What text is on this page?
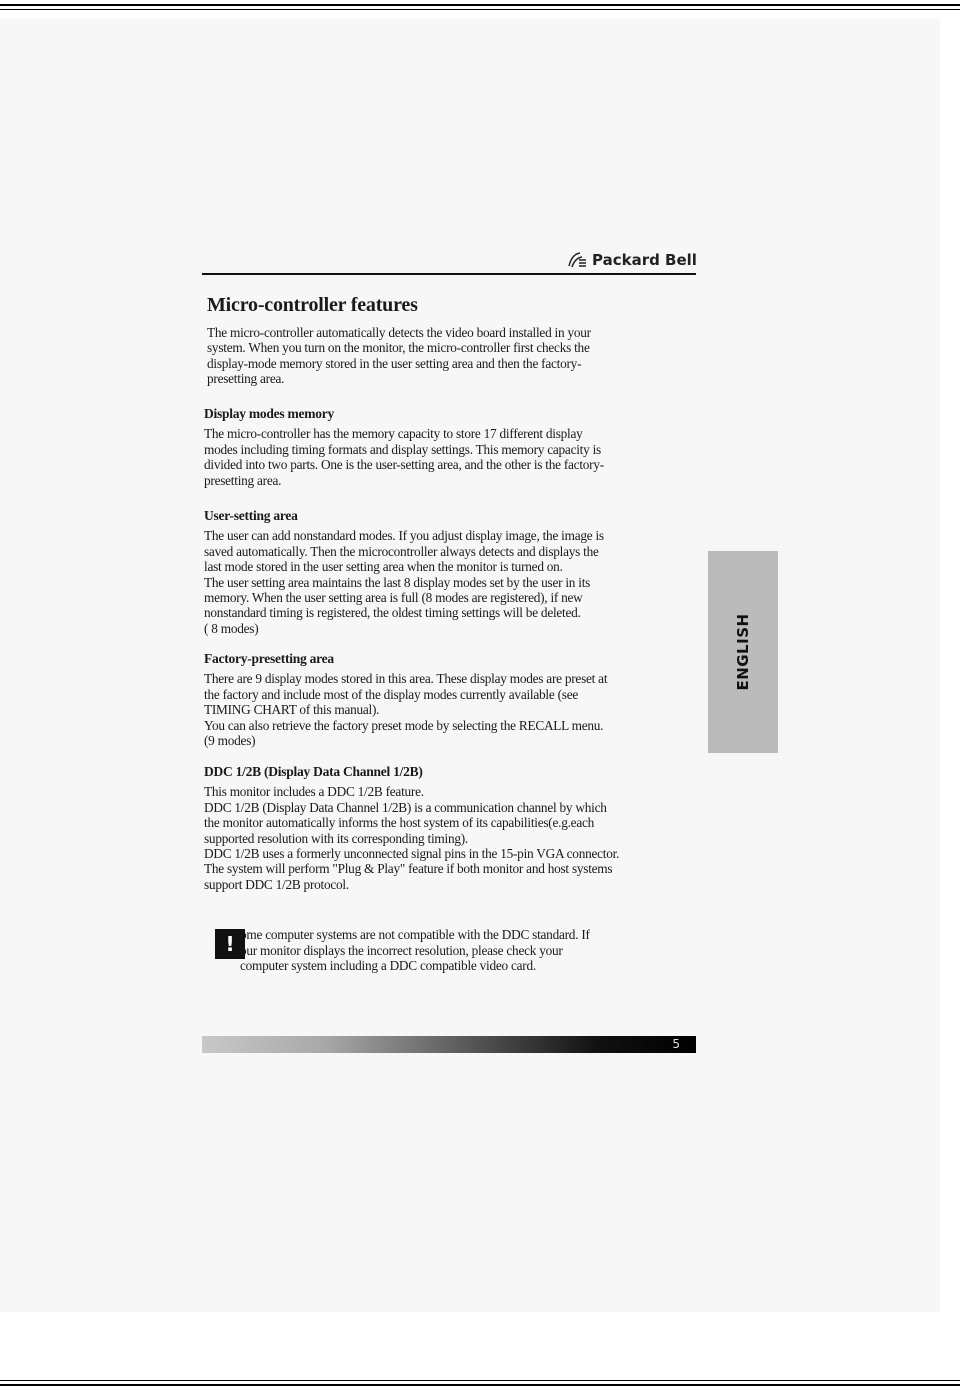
Packard Bell
Micro-controller features

The micro-controller automatically detects the video board installed in your

system. When you turn on the monitor, the micro-controller first checks the

display-mode memory stored in the user setting area and then the factory-

presetting area.

Display modes memory

The micro-controller has the memory capacity to store 17 different display

modes including timing formats and display settings. This memory capacity is

divided into two parts. One is the user-setting area, and the other is the factory-

presetting area.

User-setting area

The user can add nonstandard modes. If you adjust display image, the image is

saved automatically. Then the microcontroller always detects and displays the

last mode stored in the user setting area when the monitor is turned on.

The user setting area maintains the last 8 display modes set by the user in its

memory. When the user setting area is full (8 modes are registered), if new

nonstandard timing is registered, the oldest timing settings will be deleted.

( 8 modes)

Factory-presetting area

There are 9 display modes stored in this area. These display modes are preset at

the factory and include most of the display modes currently available (see

TIMING CHART of this manual).

You can also retrieve the factory preset mode by selecting the RECALL menu.

(9 modes)

DDC 1/2B (Display Data Channel 1/2B)

This monitor includes a DDC 1/2B feature.

DDC 1/2B (Display Data Channel 1/2B) is a communication channel by which

the monitor automatically informs the host system of its capabilities(e.g.each

supported resolution with its corresponding timing).

DDC 1/2B uses a formerly unconnected signal pins in the 15-pin VGA connector.

The system will perform "Plug & Play" feature if both monitor and host systems

support DDC 1/2B protocol.

ENGLISH
! ome computer systems are not compatible with the DDC standard. If

our monitor displays the incorrect resolution, please check your

computer system including a DDC compatible video card.

5
